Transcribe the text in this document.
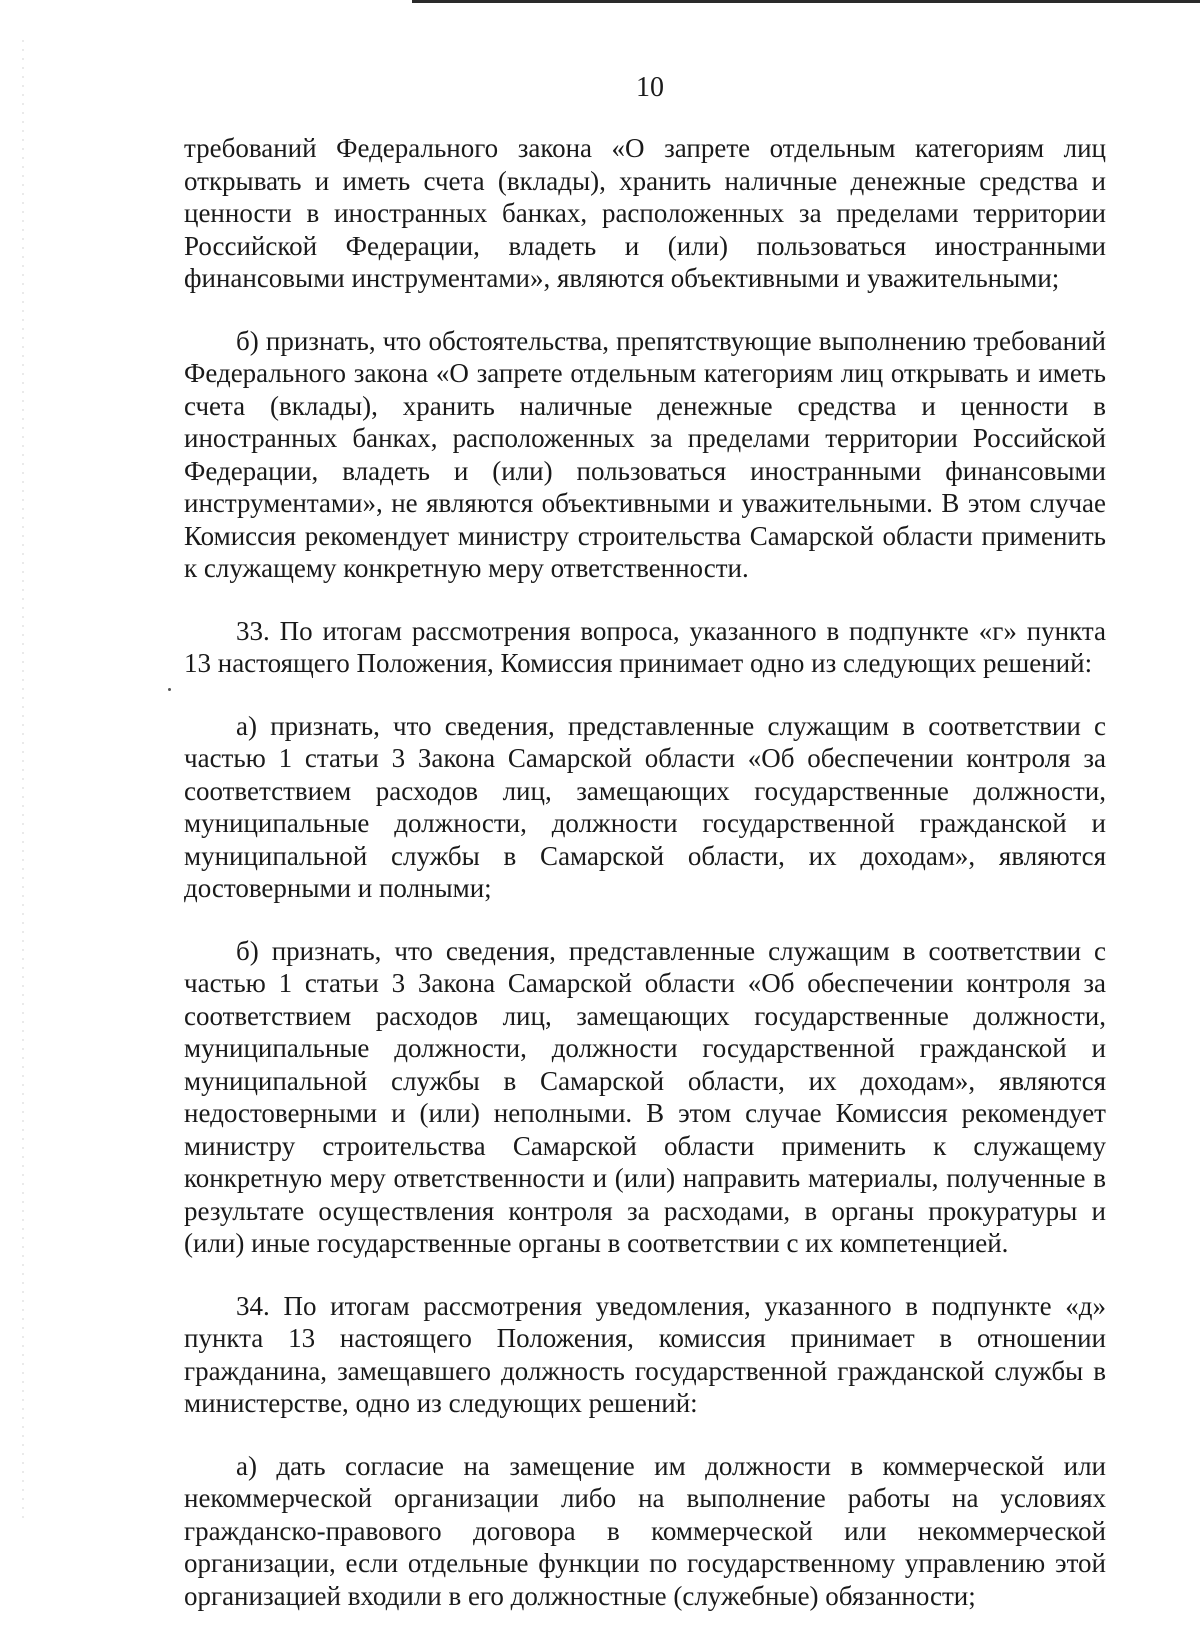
10

требований Федерального закона «О запрете отдельным категориям лиц открывать и иметь счета (вклады), хранить наличные денежные средства и ценности в иностранных банках, расположенных за пределами территории Российской Федерации, владеть и (или) пользоваться иностранными финансовыми инструментами», являются объективными и уважительными;

б) признать, что обстоятельства, препятствующие выполнению требований Федерального закона «О запрете отдельным категориям лиц открывать и иметь счета (вклады), хранить наличные денежные средства и ценности в иностранных банках, расположенных за пределами территории Российской Федерации, владеть и (или) пользоваться иностранными финансовыми инструментами», не являются объективными и уважительными. В этом случае Комиссия рекомендует министру строительства Самарской области применить к служащему конкретную меру ответственности.

33. По итогам рассмотрения вопроса, указанного в подпункте «г» пункта 13 настоящего Положения, Комиссия принимает одно из следующих решений:

а) признать, что сведения, представленные служащим в соответствии с частью 1 статьи 3 Закона Самарской области «Об обеспечении контроля за соответствием расходов лиц, замещающих государственные должности, муниципальные должности, должности государственной гражданской и муниципальной службы в Самарской области, их доходам», являются достоверными и полными;

б) признать, что сведения, представленные служащим в соответствии с частью 1 статьи 3 Закона Самарской области «Об обеспечении контроля за соответствием расходов лиц, замещающих государственные должности, муниципальные должности, должности государственной гражданской и муниципальной службы в Самарской области, их доходам», являются недостоверными и (или) неполными. В этом случае Комиссия рекомендует министру строительства Самарской области применить к служащему конкретную меру ответственности и (или) направить материалы, полученные в результате осуществления контроля за расходами, в органы прокуратуры и (или) иные государственные органы в соответствии с их компетенцией.

34. По итогам рассмотрения уведомления, указанного в подпункте «д» пункта 13 настоящего Положения, комиссия принимает в отношении гражданина, замещавшего должность государственной гражданской службы в министерстве, одно из следующих решений:

а) дать согласие на замещение им должности в коммерческой или некоммерческой организации либо на выполнение работы на условиях гражданско-правового договора в коммерческой или некоммерческой организации, если отдельные функции по государственному управлению этой организацией входили в его должностные (служебные) обязанности;
